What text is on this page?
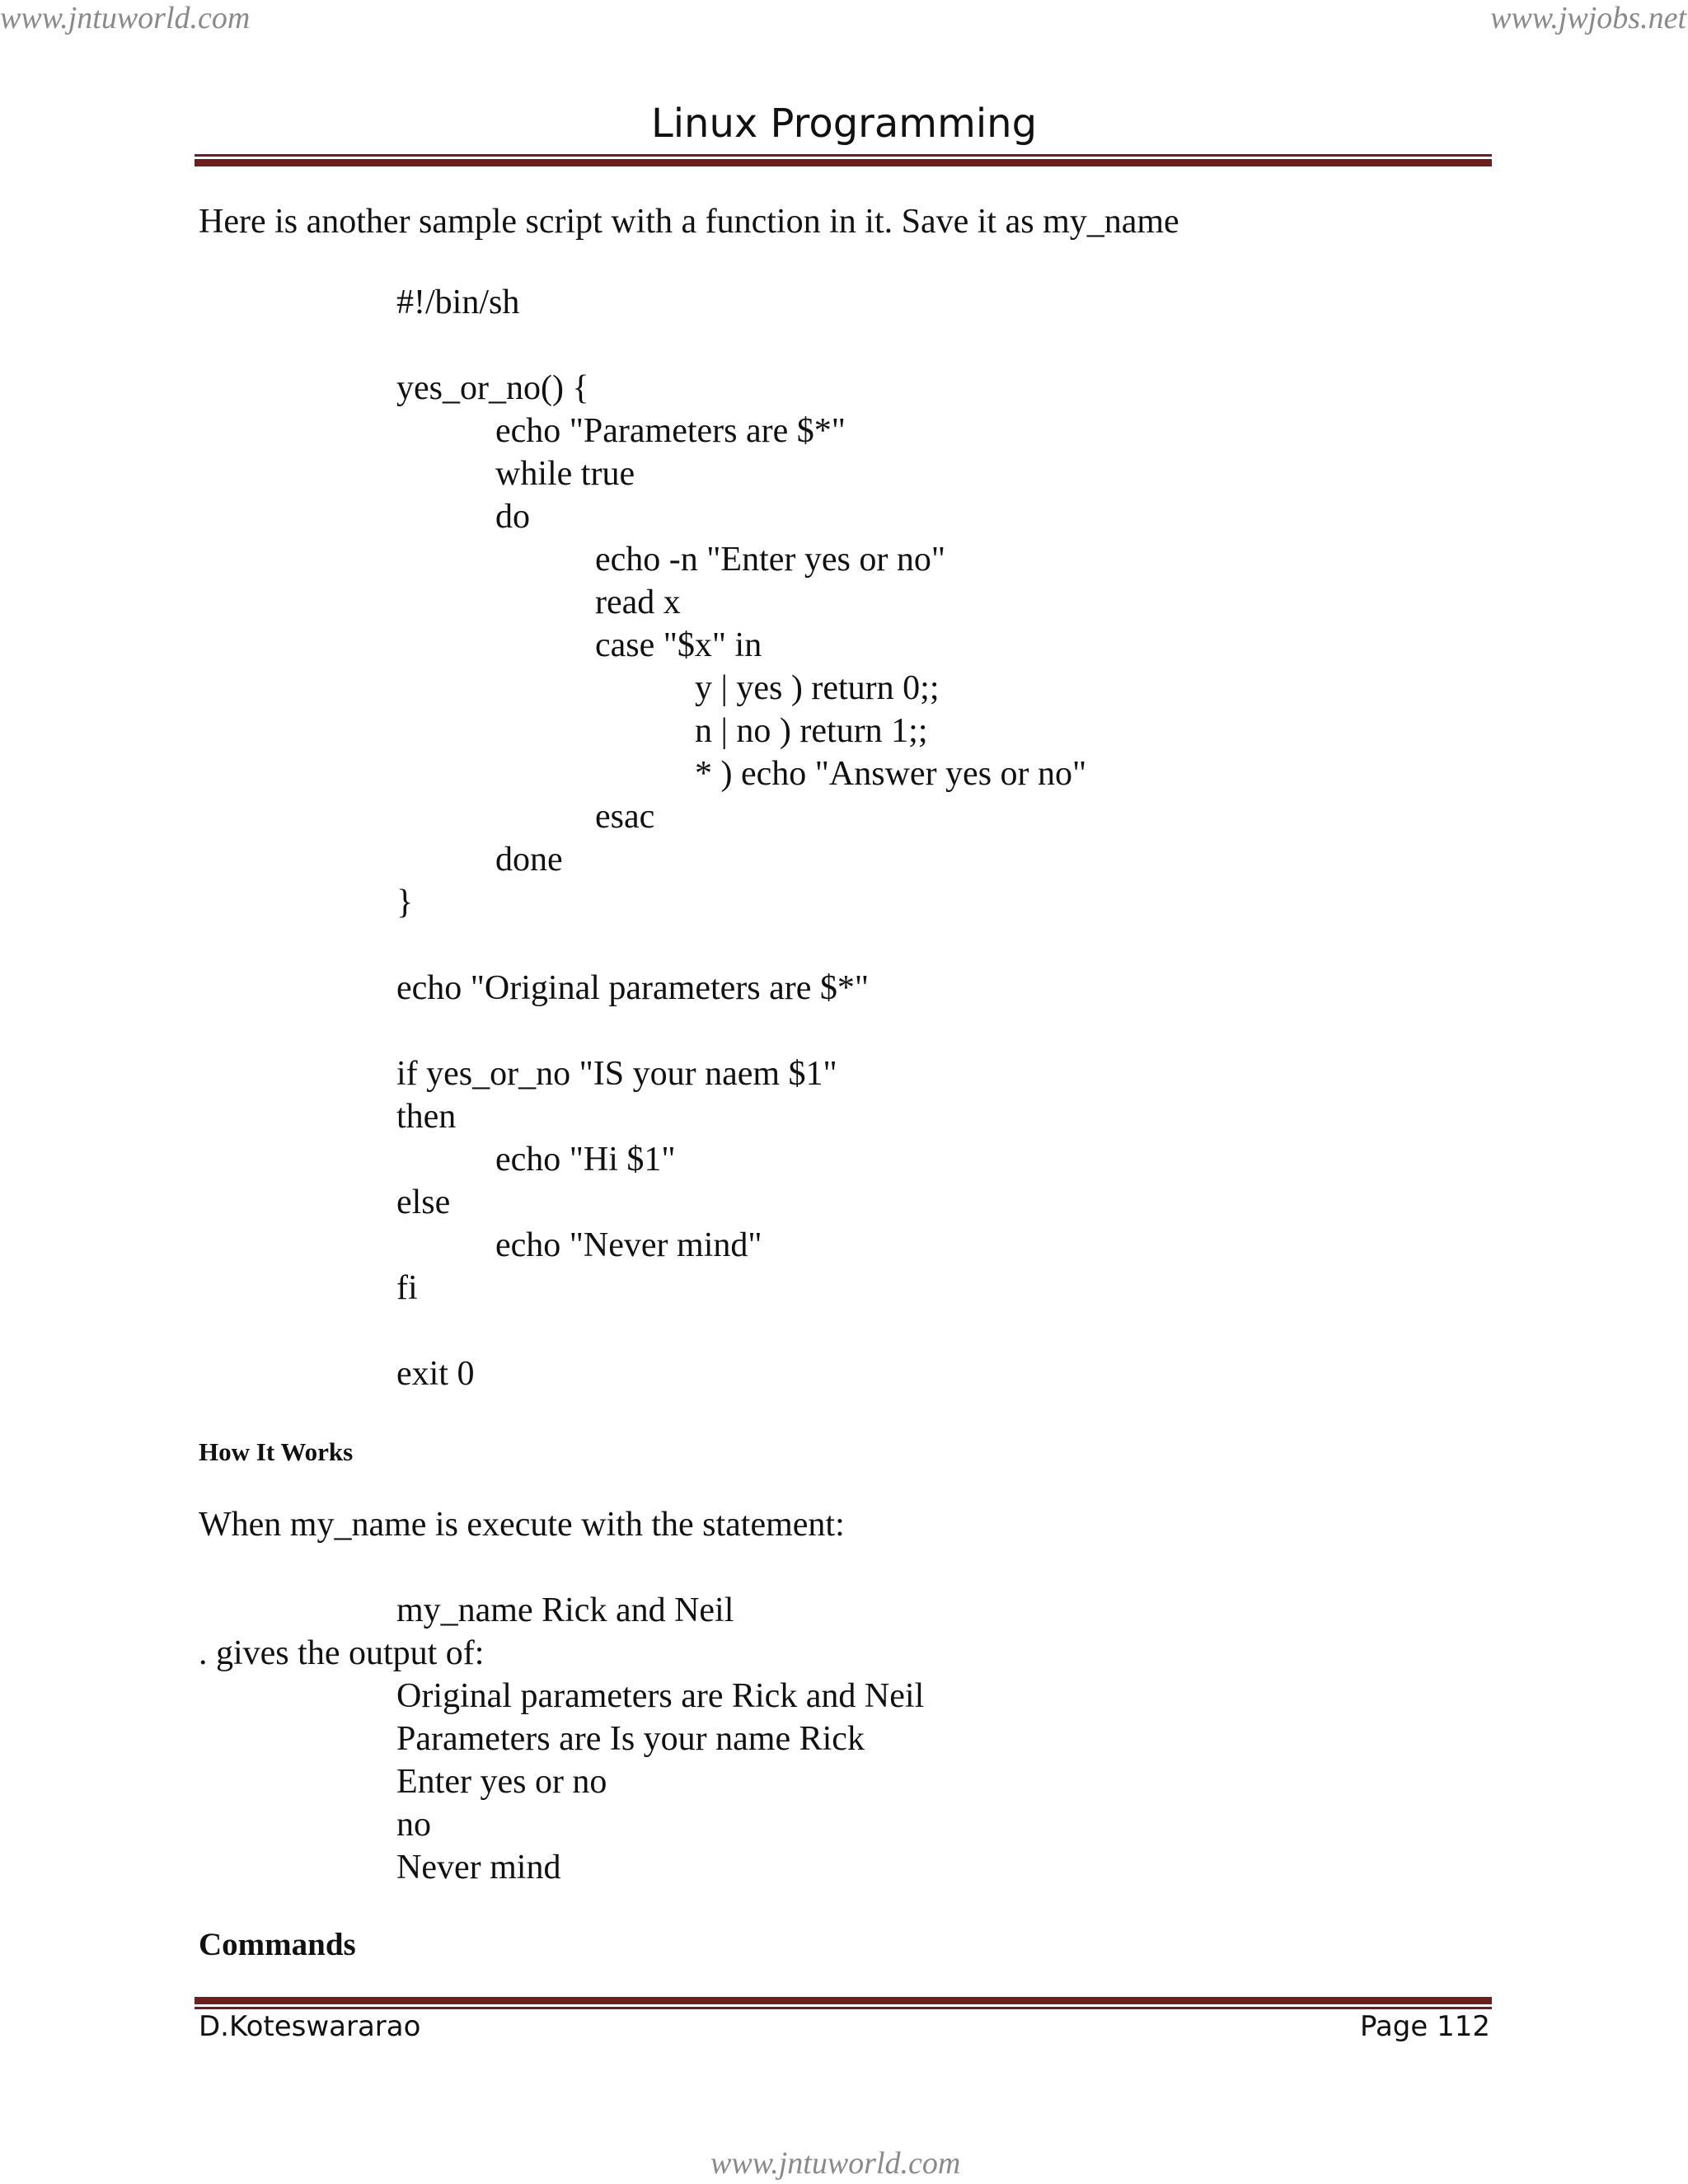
www.jntuworld.com	www.jwjobs.net
Linux Programming
Here is another sample script with a function in it. Save it as my_name
#!/bin/sh
yes_or_no() {
echo "Parameters are $*"
while true
do
echo -n "Enter yes or no"
read x
case "$x" in
y | yes ) return 0;;
n | no ) return 1;;
* ) echo "Answer yes or no"
esac
done
}
echo "Original parameters are $*"
if yes_or_no "IS your naem $1"
then
echo "Hi $1"
else
echo "Never mind"
fi
exit 0
How It Works
When my_name is execute with the statement:
my_name Rick and Neil
. gives the output of:
Original parameters are Rick and Neil
Parameters are Is your name Rick
Enter yes or no
no
Never mind
Commands
D.Koteswararao	Page 112
www.jntuworld.com
